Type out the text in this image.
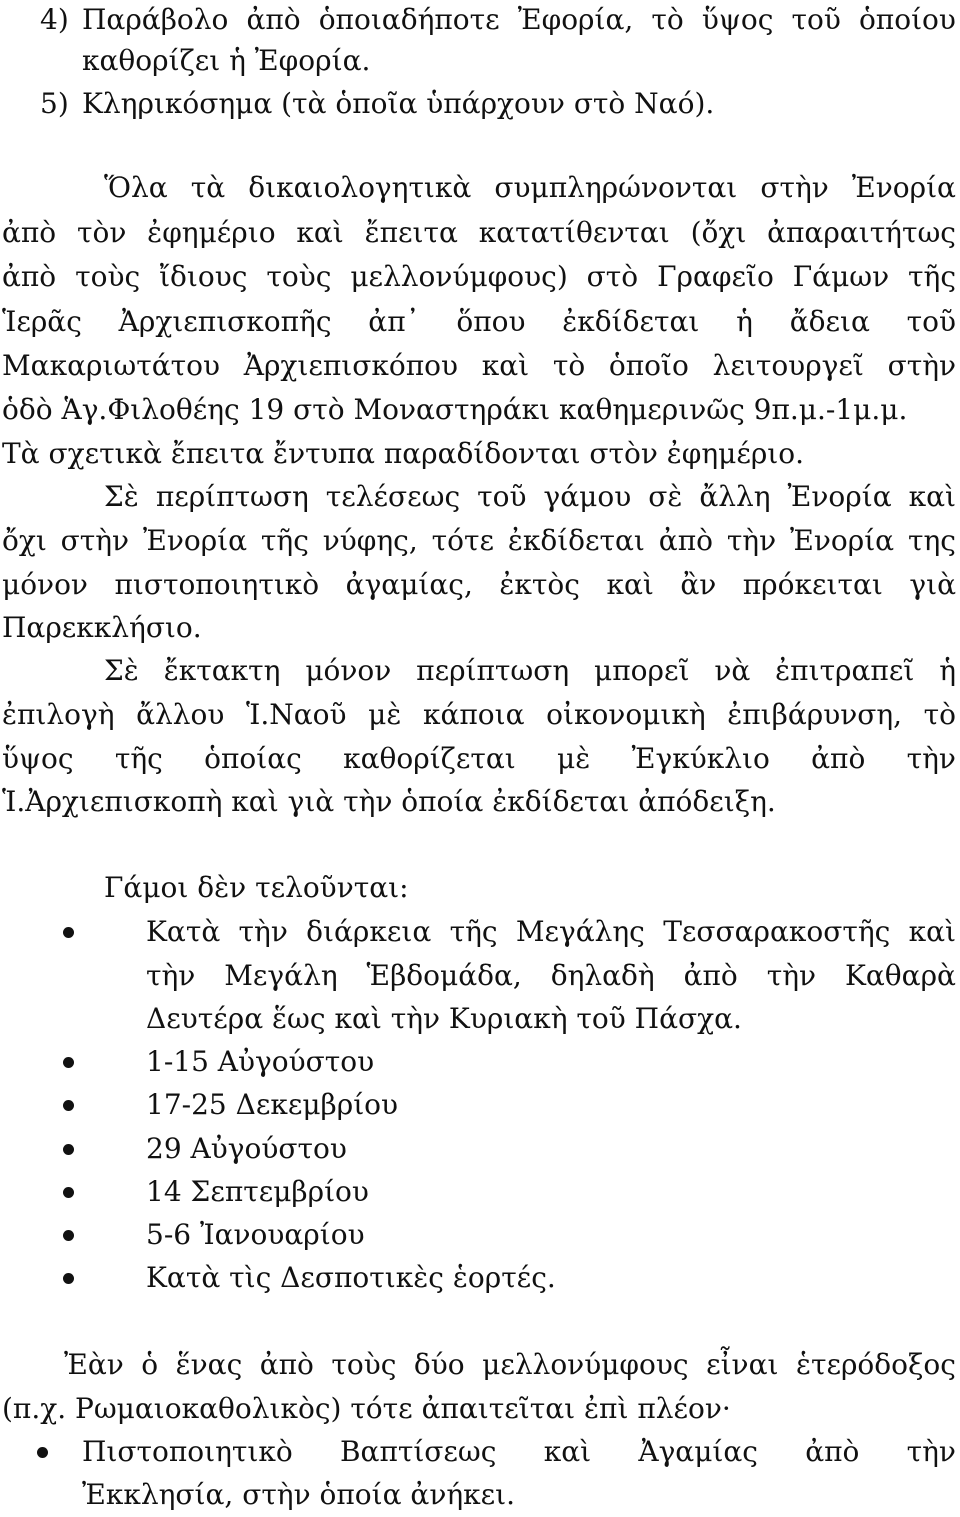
4) Παράβολο ἀπὸ ὁποιαδήποτε Ἐφορία, τὸ ὕψος τοῦ ὁποίου
καθορίζει ἡ Ἐφορία.
5) Κληρικόσημα (τὰ ὁποῖα ὑπάρχουν στὸ Ναό).
Ὅλα τὰ δικαιολογητικὰ συμπληρώνονται στὴν Ἐνορία
ἀπὸ τὸν ἐφημέριο καὶ ἔπειτα κατατίθενται (ὄχι ἀπαραιτήτως
ἀπὸ τοὺς ἴδιους τοὺς μελλονύμφους) στὸ Γραφεῖο Γάμων τῆς
Ἱερᾶς Ἀρχιεπισκοπῆς ἀπ᾽ ὅπου ἐκδίδεται ἡ ἄδεια τοῦ
Μακαριωτάτου Ἀρχιεπισκόπου καὶ τὸ ὁποῖο λειτουργεῖ στὴν
ὁδὸ Ἁγ.Φιλοθέης 19 στὸ Μοναστηράκι καθημερινῶς 9π.μ.-1μ.μ.
Τὰ σχετικὰ ἔπειτα ἔντυπα παραδίδονται στὸν ἐφημέριο.
Σὲ περίπτωση τελέσεως τοῦ γάμου σὲ ἄλλη Ἐνορία καὶ
ὄχι στὴν Ἐνορία τῆς νύφης, τότε ἐκδίδεται ἀπὸ τὴν Ἐνορία της
μόνον πιστοποιητικὸ ἀγαμίας, ἐκτὸς καὶ ἂν πρόκειται γιὰ
Παρεκκλήσιο.
Σὲ ἔκτακτη μόνον περίπτωση μπορεῖ νὰ ἐπιτραπεῖ ἡ
ἐπιλογὴ ἄλλου Ἱ.Ναοῦ μὲ κάποια οἰκονομικὴ ἐπιβάρυνση, τὸ
ὕψος τῆς ὁποίας καθορίζεται μὲ Ἐγκύκλιο ἀπὸ τὴν
Ἱ.Ἀρχιεπισκοπὴ καὶ γιὰ τὴν ὁποία ἐκδίδεται ἀπόδειξη.
Γάμοι δὲν τελοῦνται:
Κατὰ τὴν διάρκεια τῆς Μεγάλης Τεσσαρακοστῆς καὶ
τὴν Μεγάλη Ἑβδομάδα, δηλαδὴ ἀπὸ τὴν Καθαρὰ
Δευτέρα ἕως καὶ τὴν Κυριακὴ τοῦ Πάσχα.
1-15 Αὐγούστου
17-25 Δεκεμβρίου
29 Αὐγούστου
14 Σεπτεμβρίου
5-6 Ἰανουαρίου
Κατὰ τὶς Δεσποτικὲς ἑορτές.
Ἐὰν ὁ ἕνας ἀπὸ τοὺς δύο μελλονύμφους εἶναι ἑτερόδοξος
(π.χ. Ρωμαιοκαθολικὸς) τότε ἀπαιτεῖται ἐπὶ πλέον·
Πιστοποιητικὸ Βαπτίσεως καὶ Ἀγαμίας ἀπὸ τὴν
Ἐκκλησία, στὴν ὁποία ἀνήκει.
